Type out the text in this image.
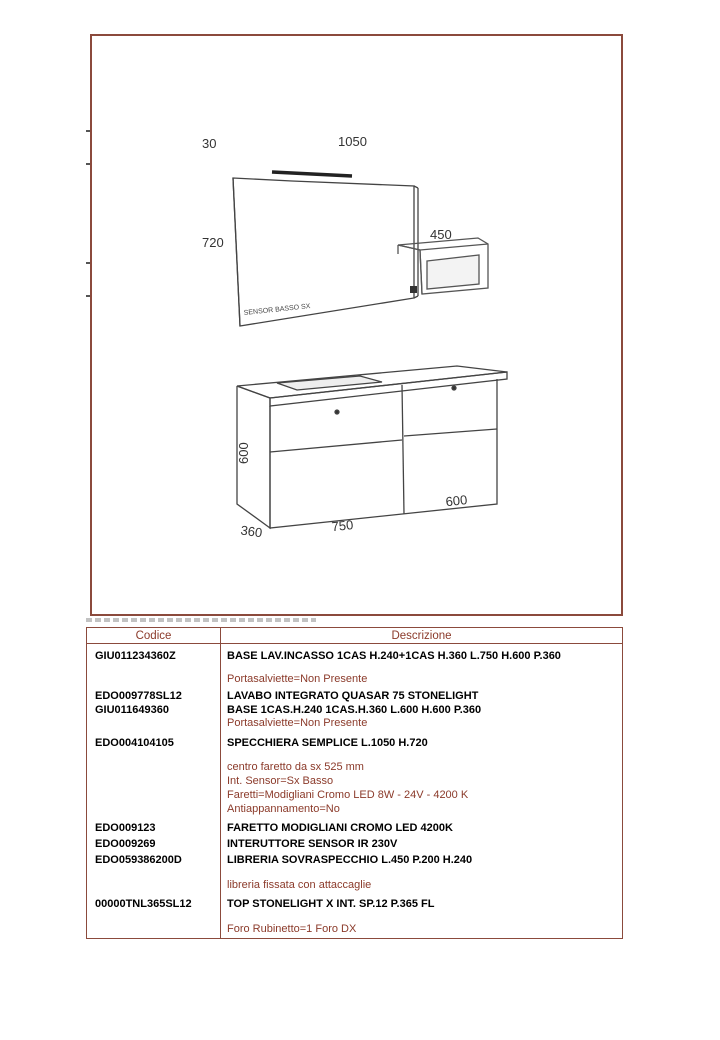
SENSOR BASSO SX
30	1050
720
450
600
360	750
600
Codice	Descrizione
GIU011234360Z	BASE LAV.INCASSO 1CAS H.240+1CAS H.360 L.750 H.600 P.360
Portasalviette=Non Presente

EDO009778SL12	LAVABO INTEGRATO QUASAR 75 STONELIGHT

GIU011649360	BASE 1CAS.H.240 1CAS.H.360 L.600 H.600 P.360
Portasalviette=Non Presente

EDO004104105	SPECCHIERA SEMPLICE L.1050 H.720
centro faretto da sx 525 mm
Int. Sensor=Sx Basso
Faretti=Modigliani Cromo LED 8W - 24V - 4200 K
Antiappannamento=No

EDO009123	FARETTO MODIGLIANI CROMO LED 4200K

EDO009269	INTERUTTORE SENSOR IR 230V

EDO059386200D	LIBRERIA SOVRASPECCHIO L.450 P.200 H.240
libreria fissata con attaccaglie

00000TNL365SL12	TOP STONELIGHT X INT. SP.12 P.365 FL
Foro Rubinetto=1 Foro DX
